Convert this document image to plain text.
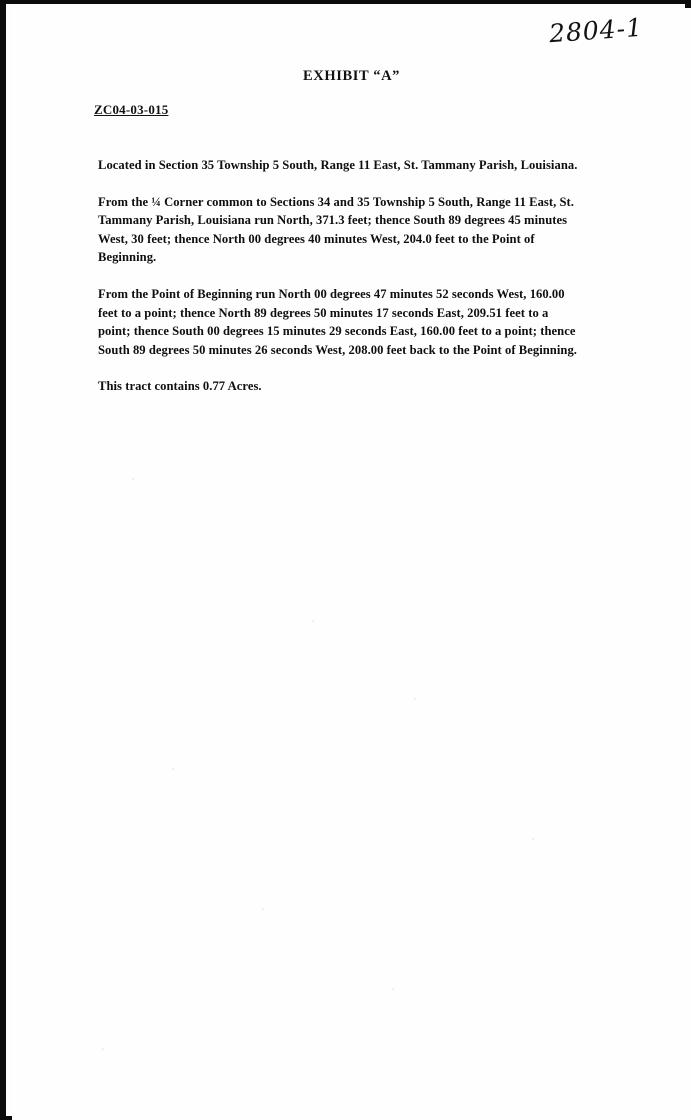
2804-1
EXHIBIT “A”
ZC04-03-015

Located in Section 35 Township 5 South, Range 11 East, St. Tammany Parish, Louisiana.

From the ¼ Corner common to Sections 34 and 35 Township 5 South, Range 11 East, St. Tammany Parish, Louisiana run North, 371.3 feet; thence South 89 degrees 45 minutes West, 30 feet; thence North 00 degrees 40 minutes West, 204.0 feet to the Point of Beginning.

From the Point of Beginning run North 00 degrees 47 minutes 52 seconds West, 160.00 feet to a point; thence North 89 degrees 50 minutes 17 seconds East, 209.51 feet to a point; thence South 00 degrees 15 minutes 29 seconds East, 160.00 feet to a point; thence South 89 degrees 50 minutes 26 seconds West, 208.00 feet back to the Point of Beginning.

This tract contains 0.77 Acres.
